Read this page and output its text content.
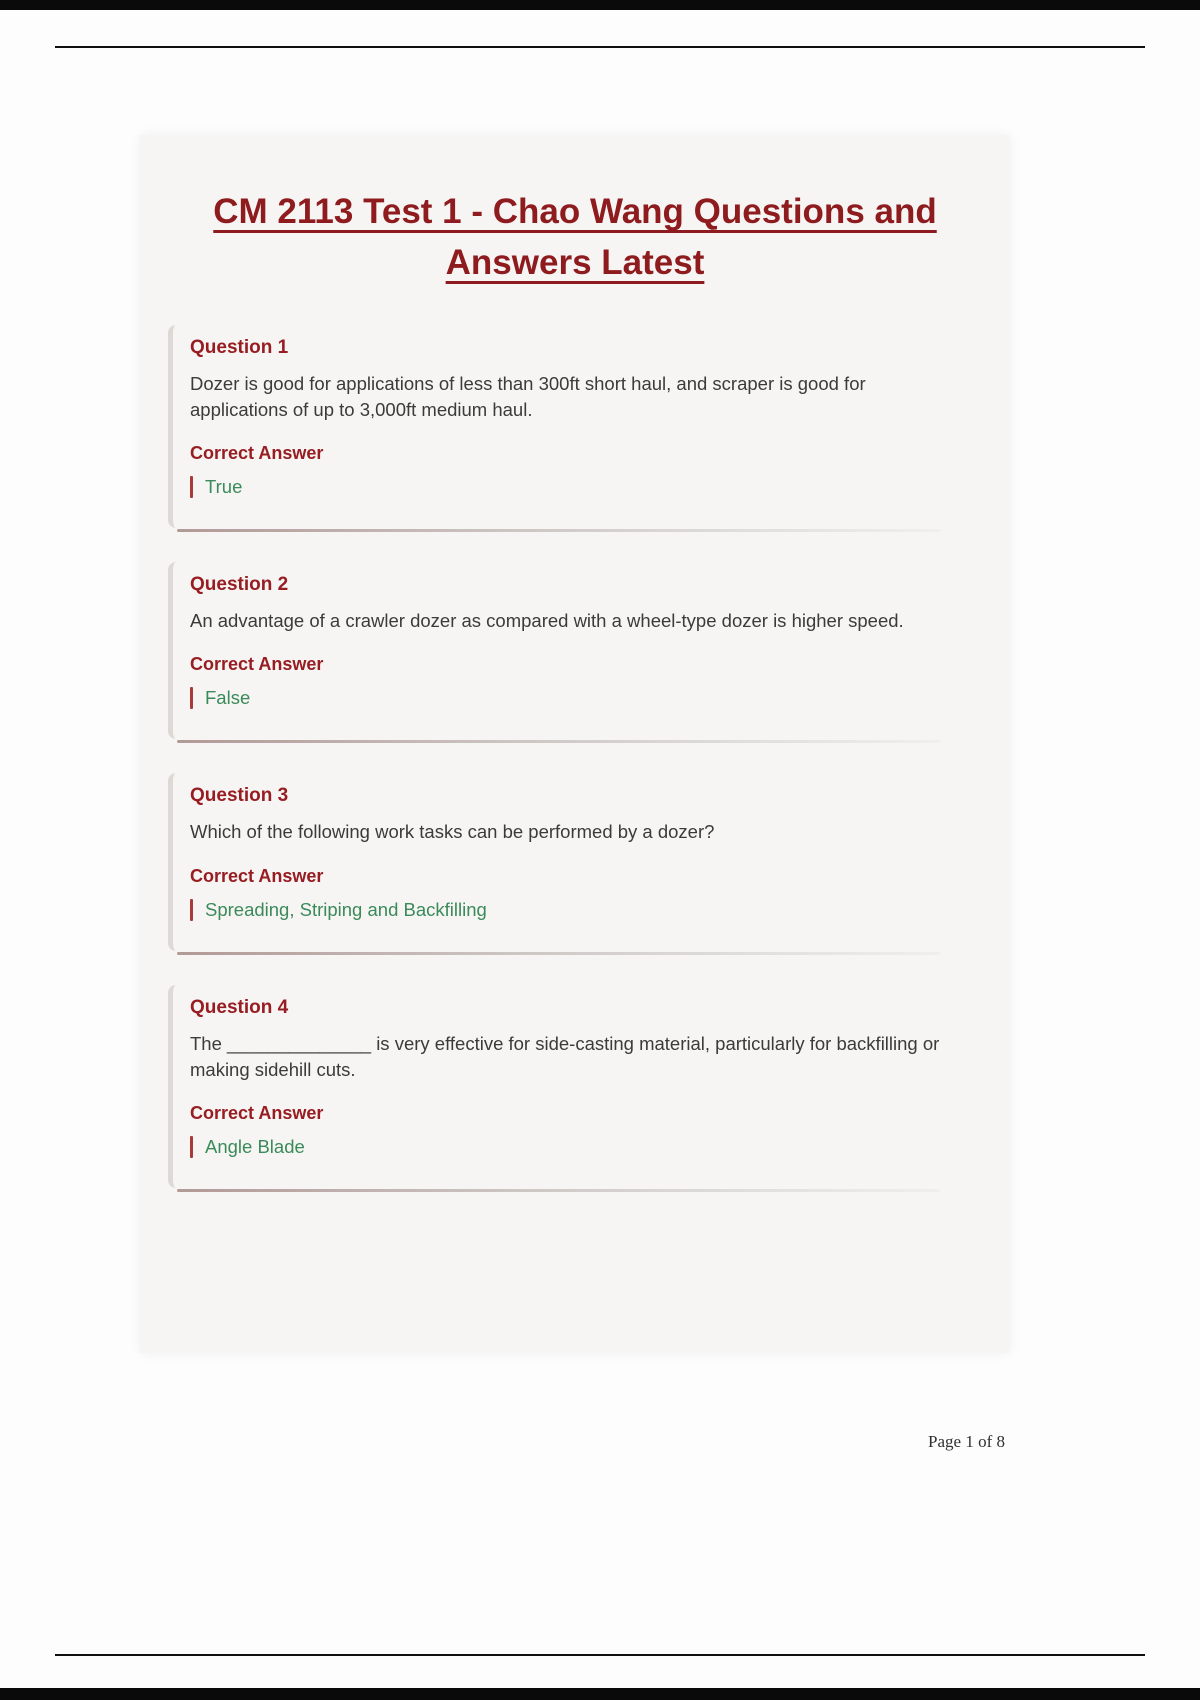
CM 2113 Test 1 - Chao Wang Questions and Answers Latest
Question 1

Dozer is good for applications of less than 300ft short haul, and scraper is good for applications of up to 3,000ft medium haul.

Correct Answer
True
Question 2

An advantage of a crawler dozer as compared with a wheel-type dozer is higher speed.

Correct Answer
False
Question 3

Which of the following work tasks can be performed by a dozer?

Correct Answer
Spreading, Striping and Backfilling
Question 4

The ______________ is very effective for side-casting material, particularly for backfilling or making sidehill cuts.

Correct Answer
Angle Blade
Page 1 of 8
